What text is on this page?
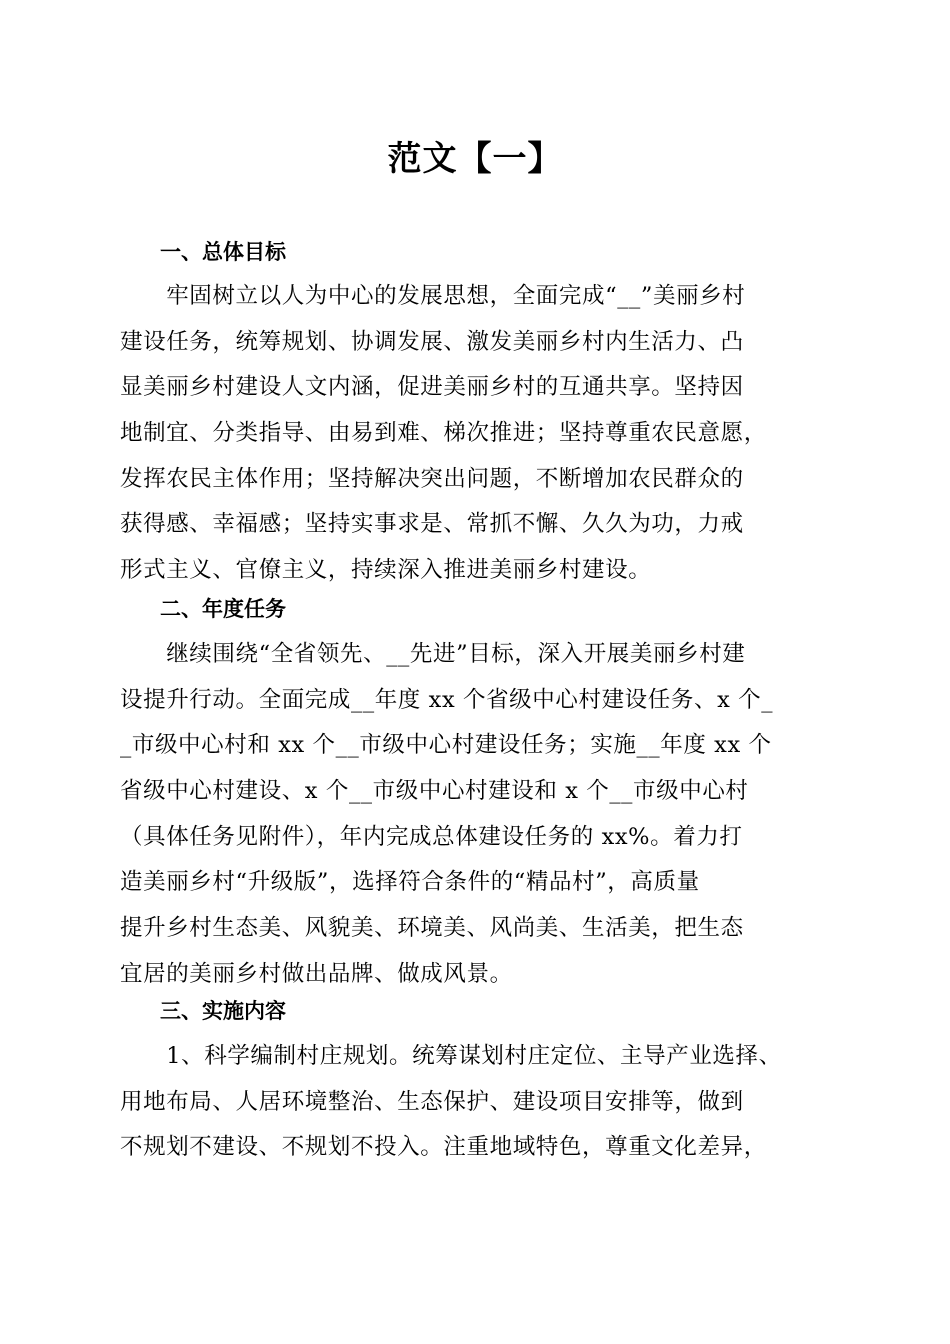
范文【一】
一、总体目标
　　牢固树立以人为中心的发展思想，全面完成“__”美丽乡村
建设任务，统筹规划、协调发展、激发美丽乡村内生活力、凸
显美丽乡村建设人文内涵，促进美丽乡村的互通共享。坚持因
地制宜、分类指导、由易到难、梯次推进；坚持尊重农民意愿，
发挥农民主体作用；坚持解决突出问题，不断增加农民群众的
获得感、幸福感；坚持实事求是、常抓不懈、久久为功，力戒
形式主义、官僚主义，持续深入推进美丽乡村建设。
二、年度任务
　　继续围绕“全省领先、__先进”目标，深入开展美丽乡村建
设提升行动。全面完成__年度 xx 个省级中心村建设任务、x 个_
_市级中心村和 xx 个__市级中心村建设任务；实施__年度 xx 个
省级中心村建设、x 个__市级中心村建设和 x 个__市级中心村
（具体任务见附件），年内完成总体建设任务的 xx%。着力打
造美丽乡村“升级版”，选择符合条件的“精品村”，高质量
提升乡村生态美、风貌美、环境美、风尚美、生活美，把生态
宜居的美丽乡村做出品牌、做成风景。
三、实施内容
　　1、科学编制村庄规划。统筹谋划村庄定位、主导产业选择、
用地布局、人居环境整治、生态保护、建设项目安排等，做到
不规划不建设、不规划不投入。注重地域特色，尊重文化差异，
